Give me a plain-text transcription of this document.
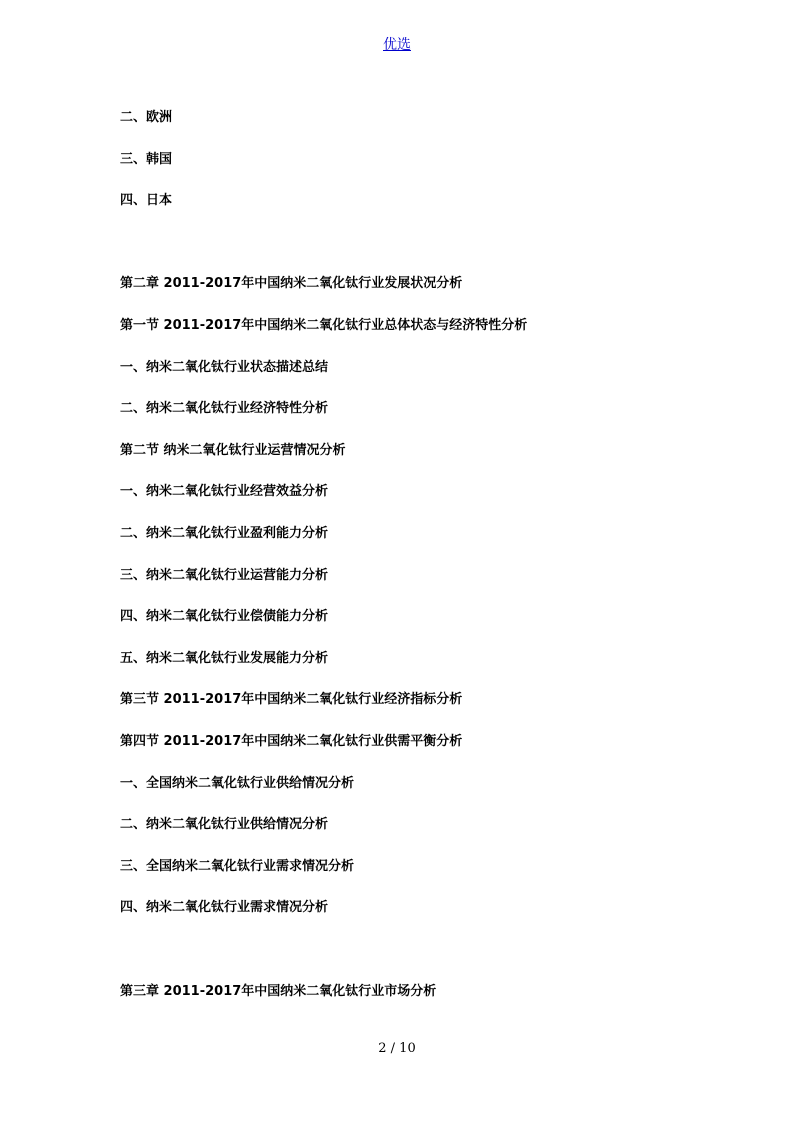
优选
二、欧洲
三、韩国
四、日本
第二章 2011-2017年中国纳米二氧化钛行业发展状况分析
第一节 2011-2017年中国纳米二氧化钛行业总体状态与经济特性分析
一、纳米二氧化钛行业状态描述总结
二、纳米二氧化钛行业经济特性分析
第二节 纳米二氧化钛行业运营情况分析
一、纳米二氧化钛行业经营效益分析
二、纳米二氧化钛行业盈利能力分析
三、纳米二氧化钛行业运营能力分析
四、纳米二氧化钛行业偿债能力分析
五、纳米二氧化钛行业发展能力分析
第三节 2011-2017年中国纳米二氧化钛行业经济指标分析
第四节 2011-2017年中国纳米二氧化钛行业供需平衡分析
一、全国纳米二氧化钛行业供给情况分析
二、纳米二氧化钛行业供给情况分析
三、全国纳米二氧化钛行业需求情况分析
四、纳米二氧化钛行业需求情况分析
第三章 2011-2017年中国纳米二氧化钛行业市场分析
2 / 10
